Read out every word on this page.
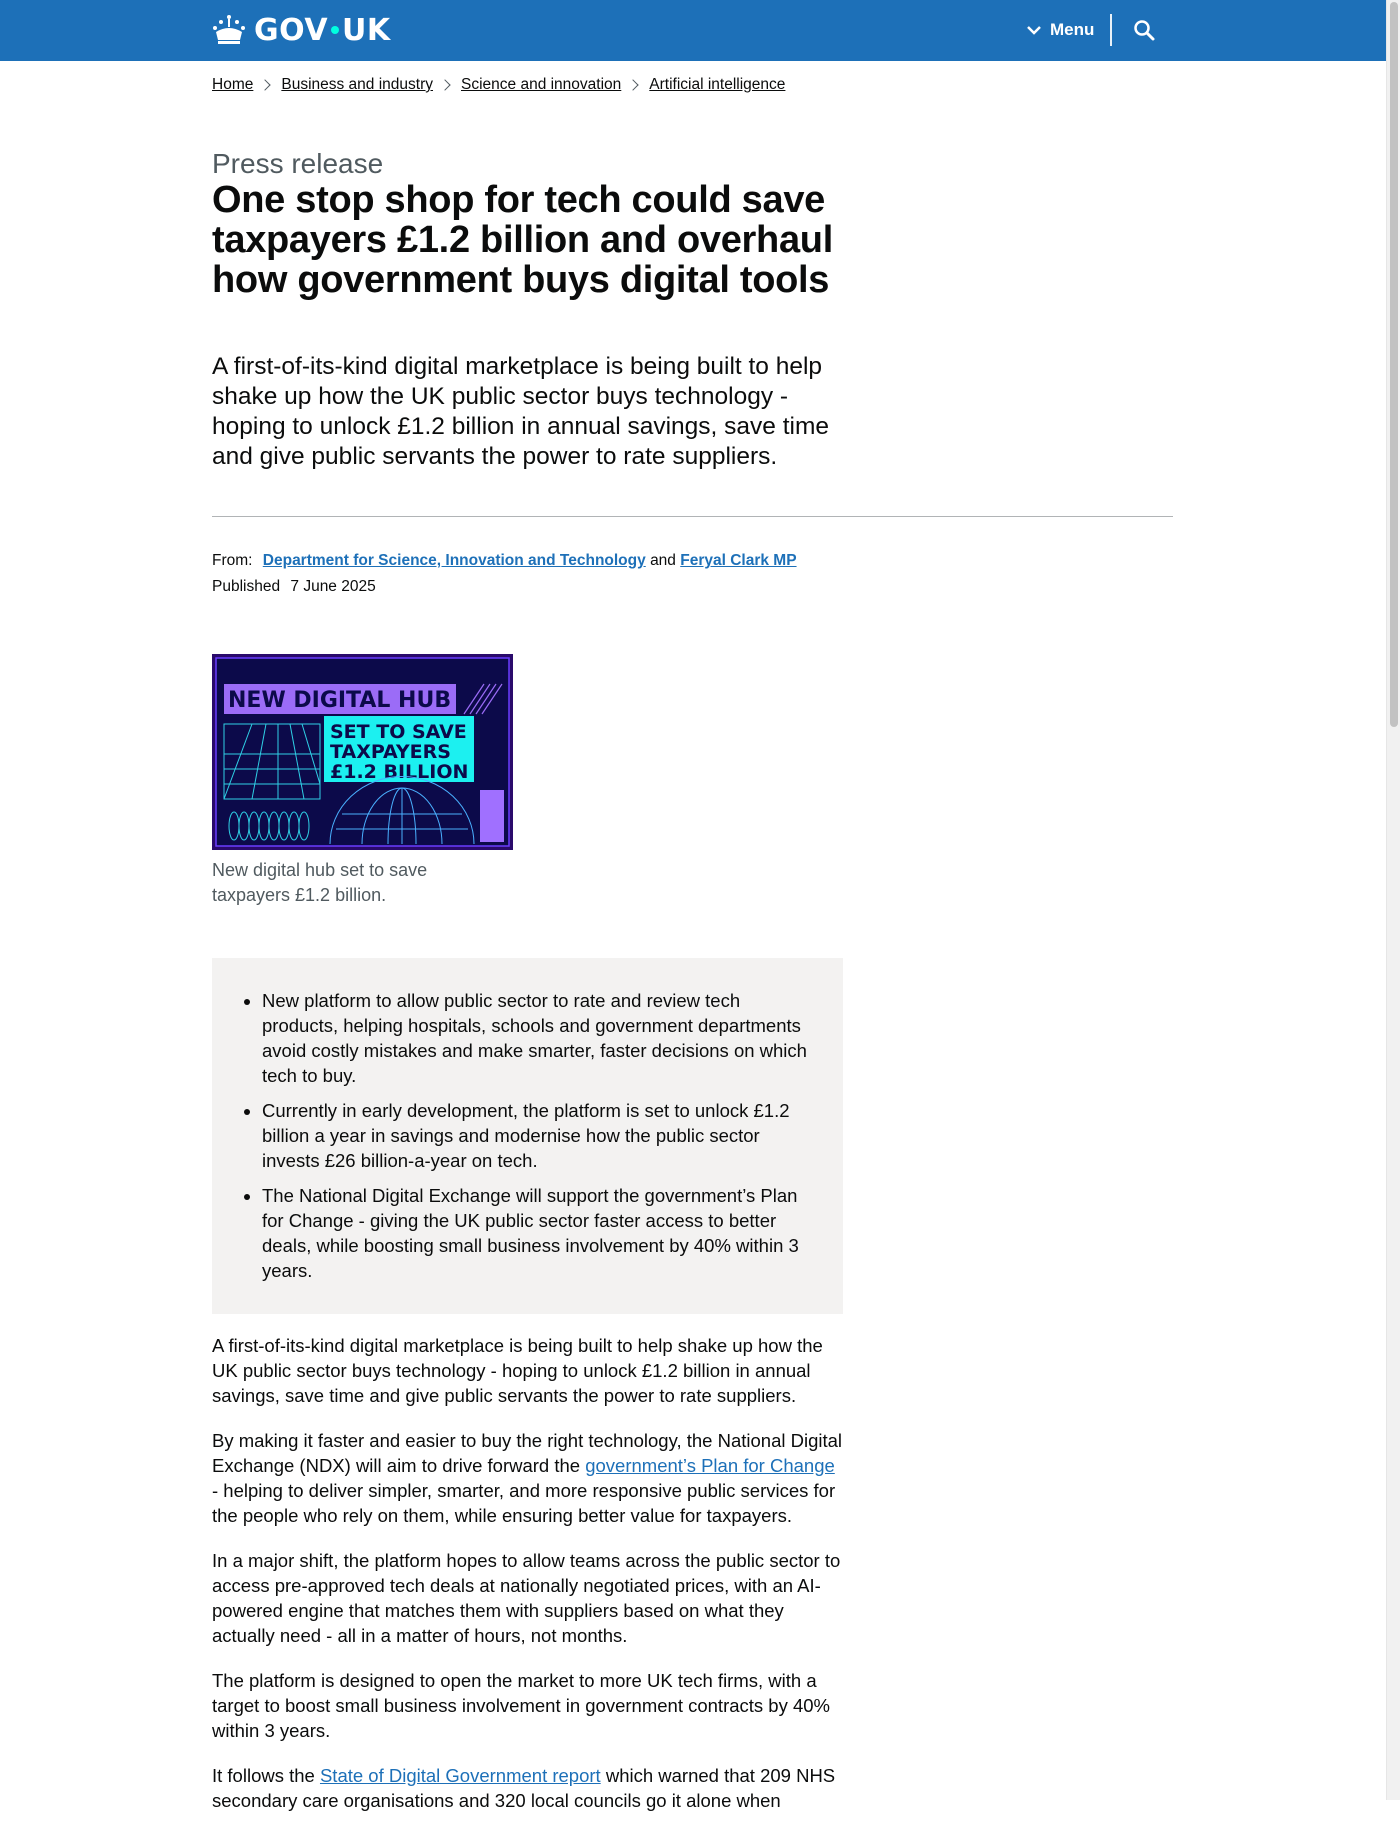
GOV UK	Menu
Home Business and industry Science and innovation Artificial intelligence
Press release
One stop shop for tech could save taxpayers £1.2 billion and overhaul how government buys digital tools

A first-of-its-kind digital marketplace is being built to help shake up how the UK public sector buys technology - hoping to unlock £1.2 billion in annual savings, save time and give public servants the power to rate suppliers.

From: Department for Science, Innovation and Technology and Feryal Clark MP
Published 7 June 2025
NEW DIGITAL HUB
SET TO SAVE
TAXPAYERS
£1.2 BILLION
New digital hub set to save taxpayers £1.2 billion.
• New platform to allow public sector to rate and review tech products, helping hospitals, schools and government departments avoid costly mistakes and make smarter, faster decisions on which tech to buy.
• Currently in early development, the platform is set to unlock £1.2 billion a year in savings and modernise how the public sector invests £26 billion-a-year on tech.
• The National Digital Exchange will support the government’s Plan for Change - giving the UK public sector faster access to better deals, while boosting small business involvement by 40% within 3 years.

A first-of-its-kind digital marketplace is being built to help shake up how the UK public sector buys technology - hoping to unlock £1.2 billion in annual savings, save time and give public servants the power to rate suppliers.

By making it faster and easier to buy the right technology, the National Digital Exchange (NDX) will aim to drive forward the government’s Plan for Change - helping to deliver simpler, smarter, and more responsive public services for the people who rely on them, while ensuring better value for taxpayers.

In a major shift, the platform hopes to allow teams across the public sector to access pre-approved tech deals at nationally negotiated prices, with an AI-powered engine that matches them with suppliers based on what they actually need - all in a matter of hours, not months.

The platform is designed to open the market to more UK tech firms, with a target to boost small business involvement in government contracts by 40% within 3 years.

It follows the State of Digital Government report which warned that 209 NHS secondary care organisations and 320 local councils go it alone when
